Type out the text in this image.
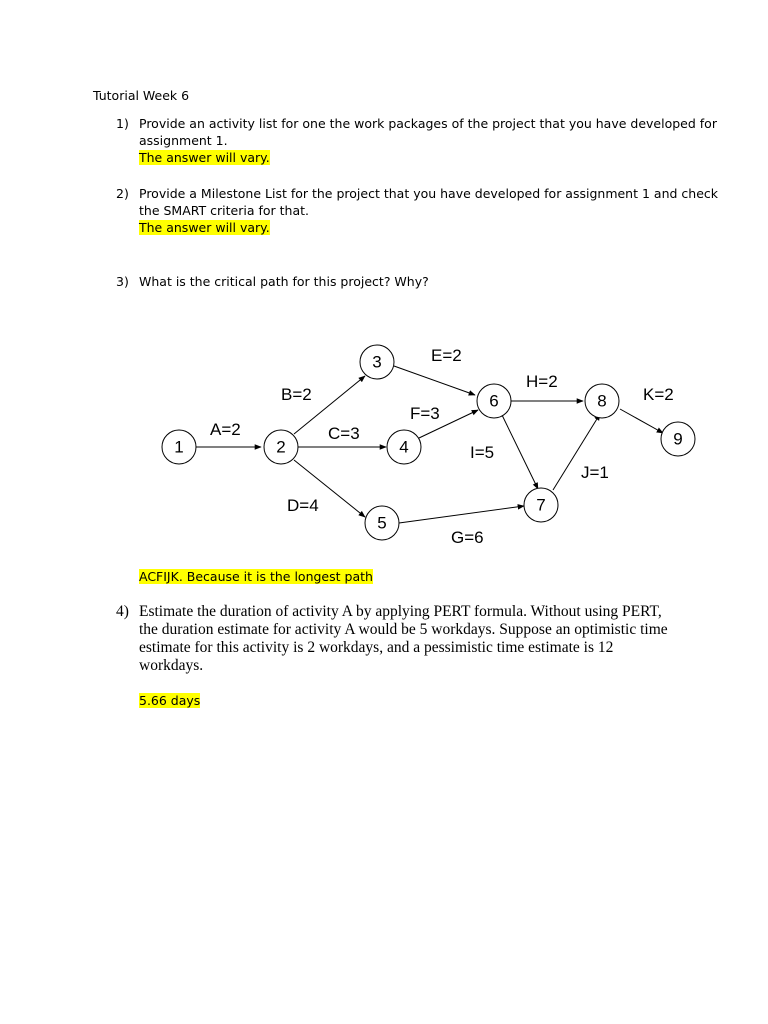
Tutorial Week 6
1) Provide an activity list for one the work packages of the project that you have developed for
assignment 1.
The answer will vary.
2) Provide a Milestone List for the project that you have developed for assignment 1 and check
the SMART criteria for that.
The answer will vary.
3) What is the critical path for this project? Why?
1	2
3
4
5
6
7
8
9
A=2
B=2
C=3
D=4
E=2
F=3
G=6
H=2
I=5
J=1
K=2
ACFIJK. Because it is the longest path
4) Estimate the duration of activity A by applying PERT formula. Without using PERT,
the duration estimate for activity A would be 5 workdays. Suppose an optimistic time
estimate for this activity is 2 workdays, and a pessimistic time estimate is 12
workdays.
5.66 days
